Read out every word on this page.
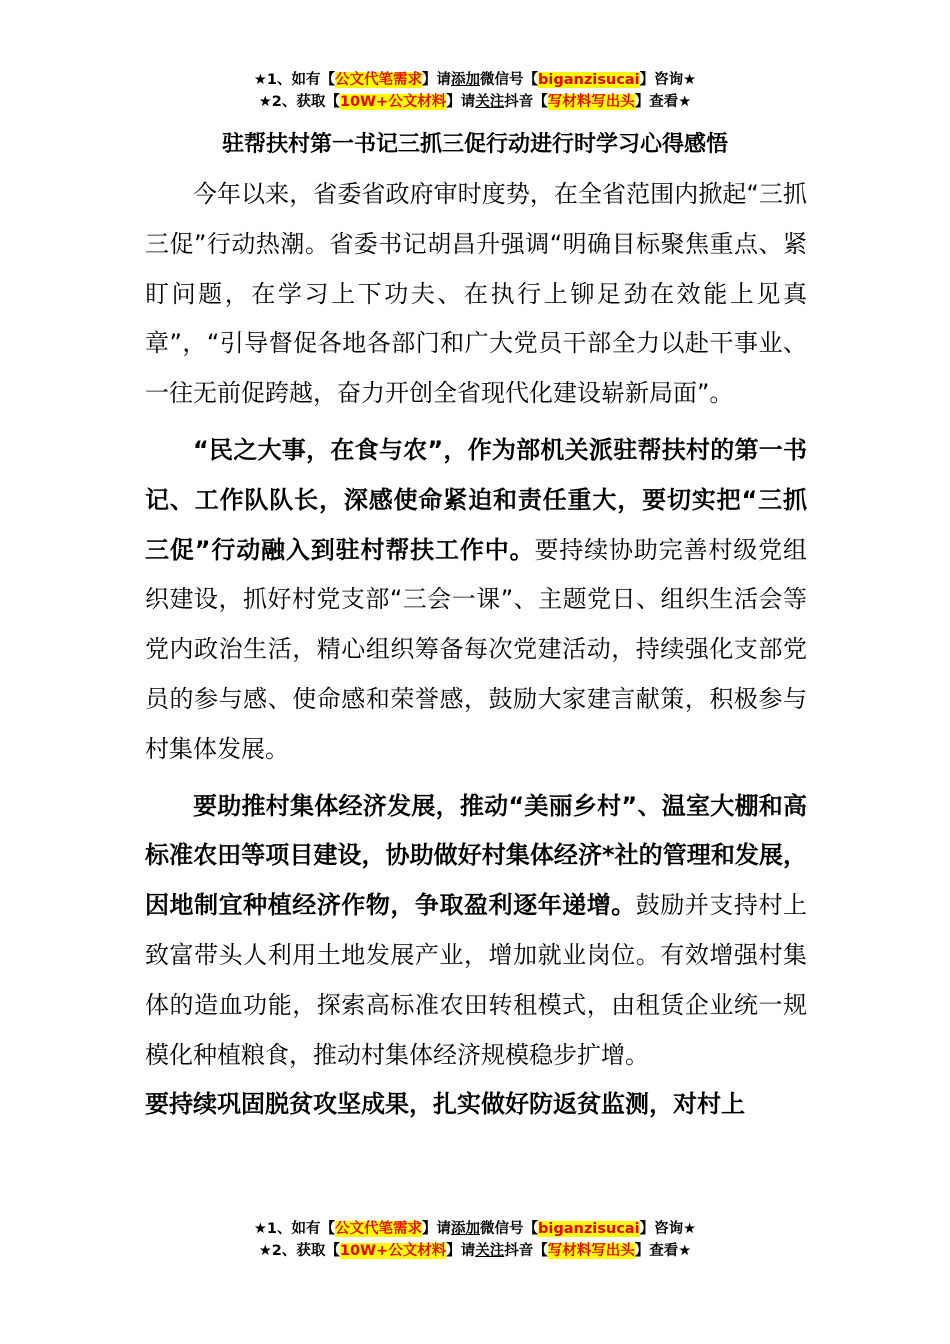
★1、如有【公文代笔需求】请添加微信号【biganzisucai】咨询★
★2、获取【10W+公文材料】请关注抖音【写材料写出头】查看★
驻帮扶村第一书记三抓三促行动进行时学习心得感悟

今年以来，省委省政府审时度势，在全省范围内掀起“三抓三促”行动热潮。省委书记胡昌升强调“明确目标聚焦重点、紧盯问题，在学习上下功夫、在执行上铆足劲在效能上见真章”，“引导督促各地各部门和广大党员干部全力以赴干事业、一往无前促跨越，奋力开创全省现代化建设崭新局面”。

“民之大事，在食与农”，作为部机关派驻帮扶村的第一书记、工作队队长，深感使命紧迫和责任重大，要切实把“三抓三促”行动融入到驻村帮扶工作中。要持续协助完善村级党组织建设，抓好村党支部“三会一课”、主题党日、组织生活会等党内政治生活，精心组织筹备每次党建活动，持续强化支部党员的参与感、使命感和荣誉感，鼓励大家建言献策，积极参与村集体发展。

要助推村集体经济发展，推动“美丽乡村”、温室大棚和高标准农田等项目建设，协助做好村集体经济*社的管理和发展，因地制宜种植经济作物，争取盈利逐年递增。鼓励并支持村上致富带头人利用土地发展产业，增加就业岗位。有效增强村集体的造血功能，探索高标准农田转租模式，由租赁企业统一规模化种植粮食，推动村集体经济规模稳步扩增。

要持续巩固脱贫攻坚成果，扎实做好防返贫监测，对村上

★1、如有【公文代笔需求】请添加微信号【biganzisucai】咨询★
★2、获取【10W+公文材料】请关注抖音【写材料写出头】查看★
